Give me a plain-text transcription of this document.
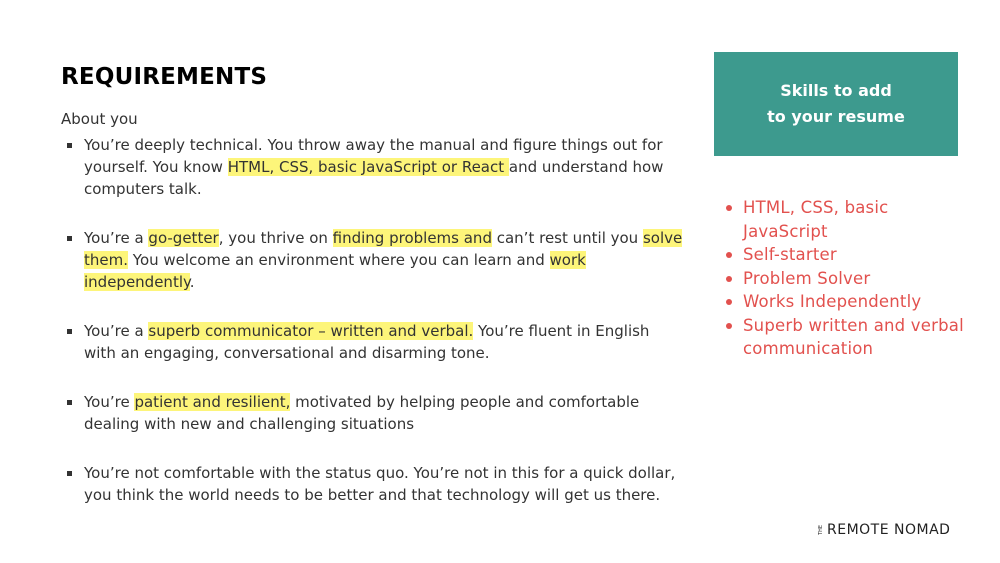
REQUIREMENTS
About you
You’re deeply technical. You throw away the manual and figure things out for yourself. You know HTML, CSS, basic JavaScript or React and understand how computers talk.
You’re a go-getter, you thrive on finding problems and can’t rest until you solve them. You welcome an environment where you can learn and work independently.
You’re a superb communicator – written and verbal. You’re fluent in English with an engaging, conversational and disarming tone.
You’re patient and resilient, motivated by helping people and comfortable dealing with new and challenging situations
You’re not comfortable with the status quo. You’re not in this for a quick dollar, you think the world needs to be better and that technology will get us there.
Skills to add
to your resume
HTML, CSS, basic JavaScript
Self-starter
Problem Solver
Works Independently
Superb written and verbal communication
THE REMOTE NOMAD
